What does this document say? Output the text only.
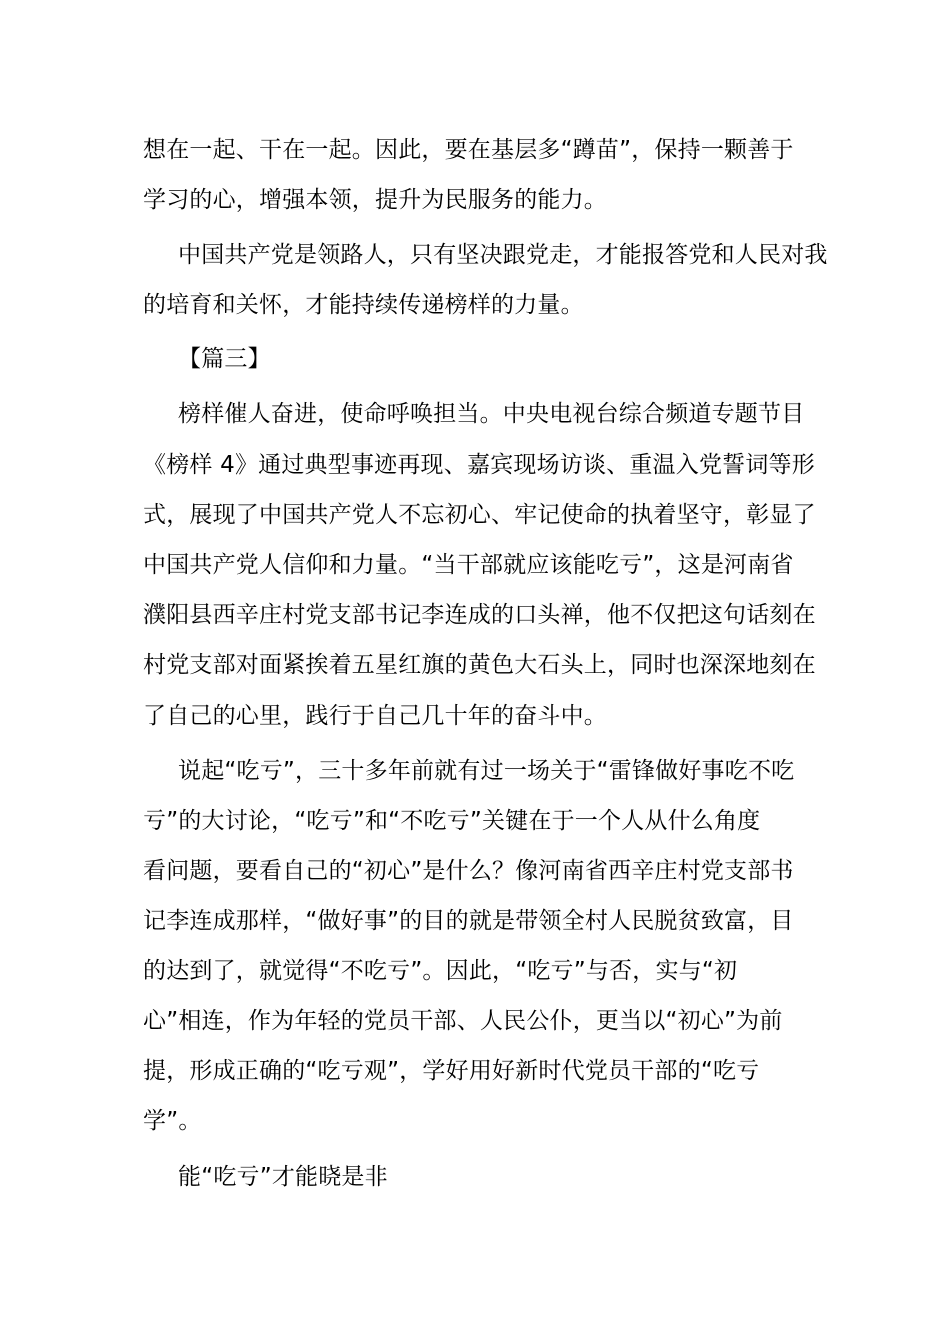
想在一起、干在一起。因此，要在基层多“蹲苗”，保持一颗善于
学习的心，增强本领，提升为民服务的能力。
中国共产党是领路人，只有坚决跟党走，才能报答党和人民对我
的培育和关怀，才能持续传递榜样的力量。
【篇三】
榜样催人奋进，使命呼唤担当。中央电视台综合频道专题节目
《榜样 4》通过典型事迹再现、嘉宾现场访谈、重温入党誓词等形
式，展现了中国共产党人不忘初心、牢记使命的执着坚守，彰显了
中国共产党人信仰和力量。“当干部就应该能吃亏”，这是河南省
濮阳县西辛庄村党支部书记李连成的口头禅，他不仅把这句话刻在
村党支部对面紧挨着五星红旗的黄色大石头上，同时也深深地刻在
了自己的心里，践行于自己几十年的奋斗中。
说起“吃亏”，三十多年前就有过一场关于“雷锋做好事吃不吃
亏”的大讨论，“吃亏”和“不吃亏”关键在于一个人从什么角度
看问题，要看自己的“初心”是什么？像河南省西辛庄村党支部书
记李连成那样，“做好事”的目的就是带领全村人民脱贫致富，目
的达到了，就觉得“不吃亏”。因此，“吃亏”与否，实与“初
心”相连，作为年轻的党员干部、人民公仆，更当以“初心”为前
提，形成正确的“吃亏观”，学好用好新时代党员干部的“吃亏
学”。
能“吃亏”才能晓是非
